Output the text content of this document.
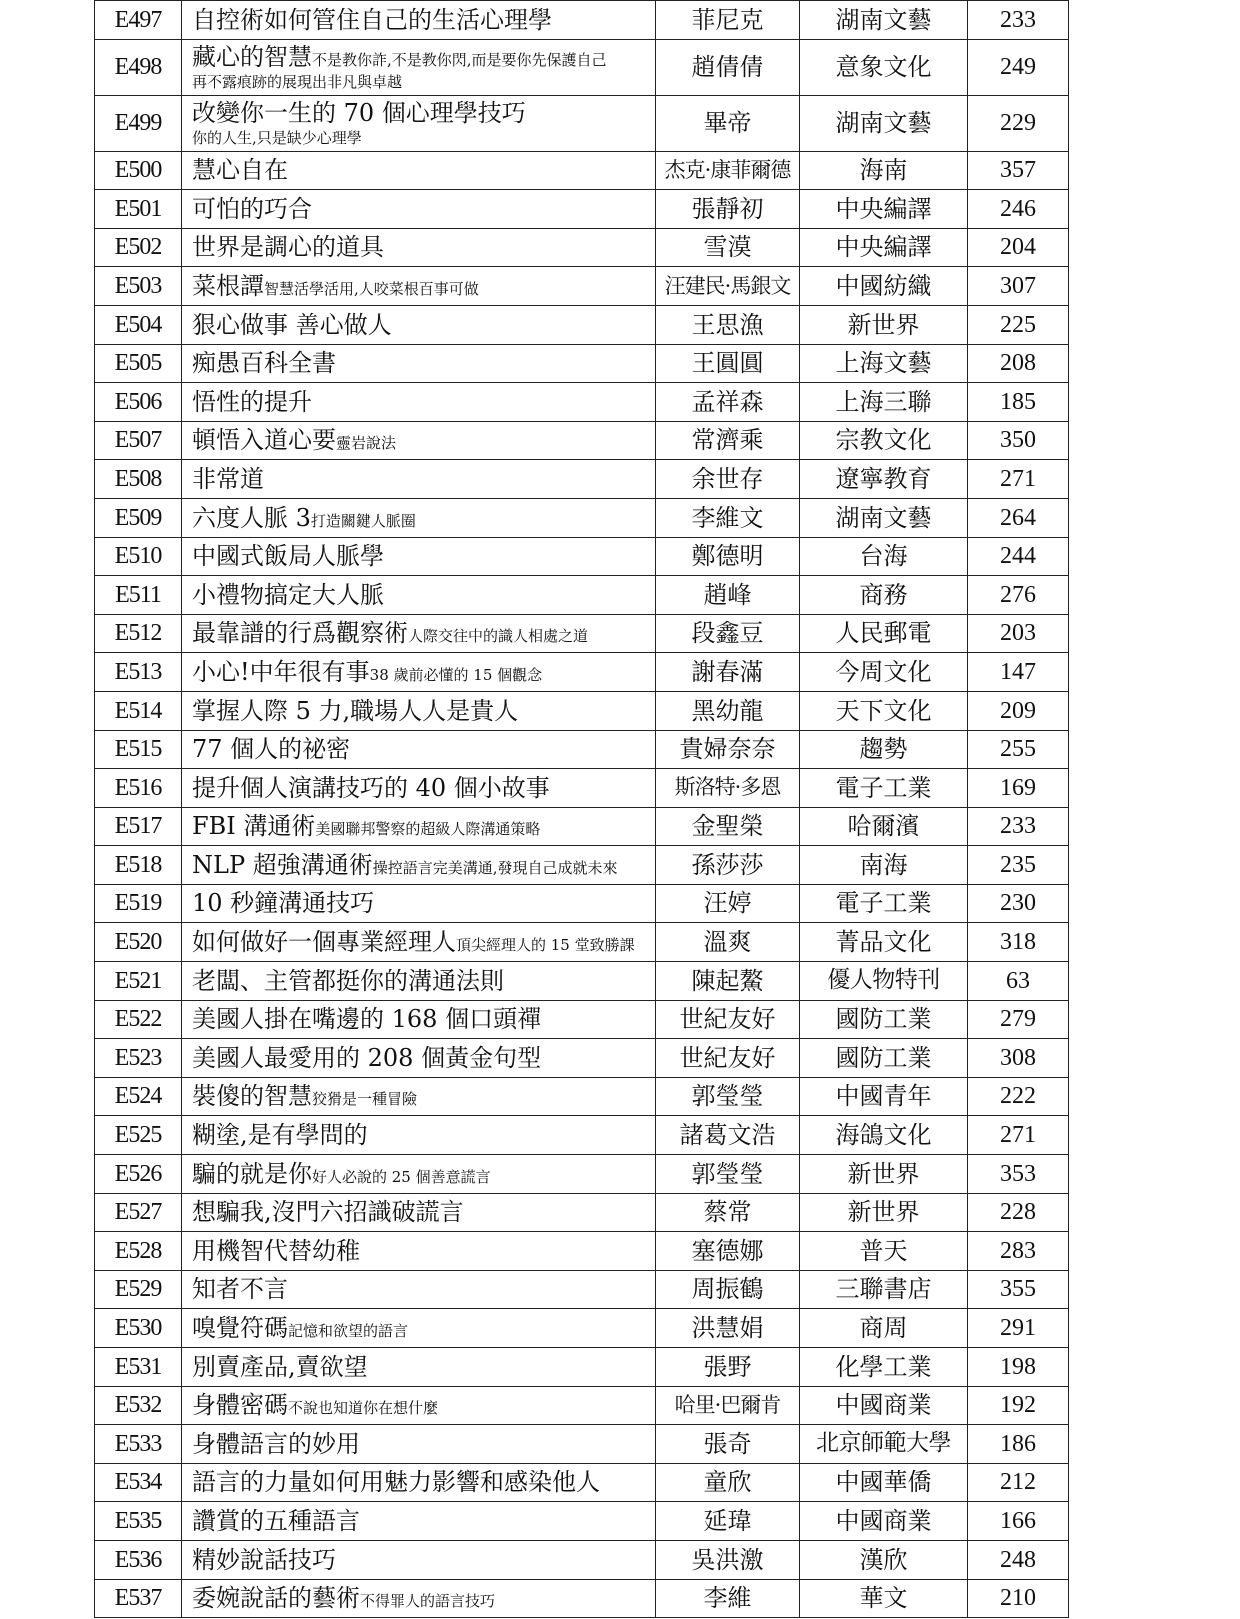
E497	自控術如何管住自己的生活心理學	菲尼克	湖南文藝	233
E498	藏心的智慧不是教你詐,不是教你閃,而是要你先保護自己
再不露痕跡的展現出非凡與卓越	趙倩倩	意象文化	249
E499	改變你一生的 70 個心理學技巧
你的人生,只是缺少心理學	畢帝	湖南文藝	229
E500	慧心自在	杰克·康菲爾德	海南	357
E501	可怕的巧合	張靜初	中央編譯	246
E502	世界是調心的道具	雪漠	中央編譯	204
E503	菜根譚智慧活學活用,人咬菜根百事可做	汪建民·馬銀文	中國紡織	307
E504	狠心做事 善心做人	王思漁	新世界	225
E505	痴愚百科全書	王圓圓	上海文藝	208
E506	悟性的提升	孟祥森	上海三聯	185
E507	頓悟入道心要靈岩說法	常濟乘	宗教文化	350
E508	非常道	余世存	遼寧教育	271
E509	六度人脈 3打造關鍵人脈圈	李維文	湖南文藝	264
E510	中國式飯局人脈學	鄭德明	台海	244
E511	小禮物搞定大人脈	趙峰	商務	276
E512	最靠譜的行爲觀察術人際交往中的識人相處之道	段鑫豆	人民郵電	203
E513	小心!中年很有事38 歲前必懂的 15 個觀念	謝春滿	今周文化	147
E514	掌握人際 5 力,職場人人是貴人	黑幼龍	天下文化	209
E515	77 個人的祕密	貴婦奈奈	趨勢	255
E516	提升個人演講技巧的 40 個小故事	斯洛特·多恩	電子工業	169
E517	FBI 溝通術美國聯邦警察的超級人際溝通策略	金聖榮	哈爾濱	233
E518	NLP 超強溝通術操控語言完美溝通,發現自己成就未來	孫莎莎	南海	235
E519	10 秒鐘溝通技巧	汪婷	電子工業	230
E520	如何做好一個專業經理人頂尖經理人的 15 堂致勝課	溫爽	菁品文化	318
E521	老闆、主管都挺你的溝通法則	陳起鰲	優人物特刊	63
E522	美國人掛在嘴邊的 168 個口頭禪	世紀友好	國防工業	279
E523	美國人最愛用的 208 個黃金句型	世紀友好	國防工業	308
E524	裝傻的智慧狡猾是一種冒險	郭瑩瑩	中國青年	222
E525	糊塗,是有學問的	諸葛文浩	海鴿文化	271
E526	騙的就是你好人必說的 25 個善意謊言	郭瑩瑩	新世界	353
E527	想騙我,沒門六招識破謊言	蔡常	新世界	228
E528	用機智代替幼稚	塞德娜	普天	283
E529	知者不言	周振鶴	三聯書店	355
E530	嗅覺符碼記憶和欲望的語言	洪慧娟	商周	291
E531	別賣產品,賣欲望	張野	化學工業	198
E532	身體密碼不說也知道你在想什麼	哈里·巴爾肯	中國商業	192
E533	身體語言的妙用	張奇	北京師範大學	186
E534	語言的力量如何用魅力影響和感染他人	童欣	中國華僑	212
E535	讚賞的五種語言	延瑋	中國商業	166
E536	精妙說話技巧	吳洪激	漢欣	248
E537	委婉說話的藝術不得罪人的語言技巧	李維	華文	210
